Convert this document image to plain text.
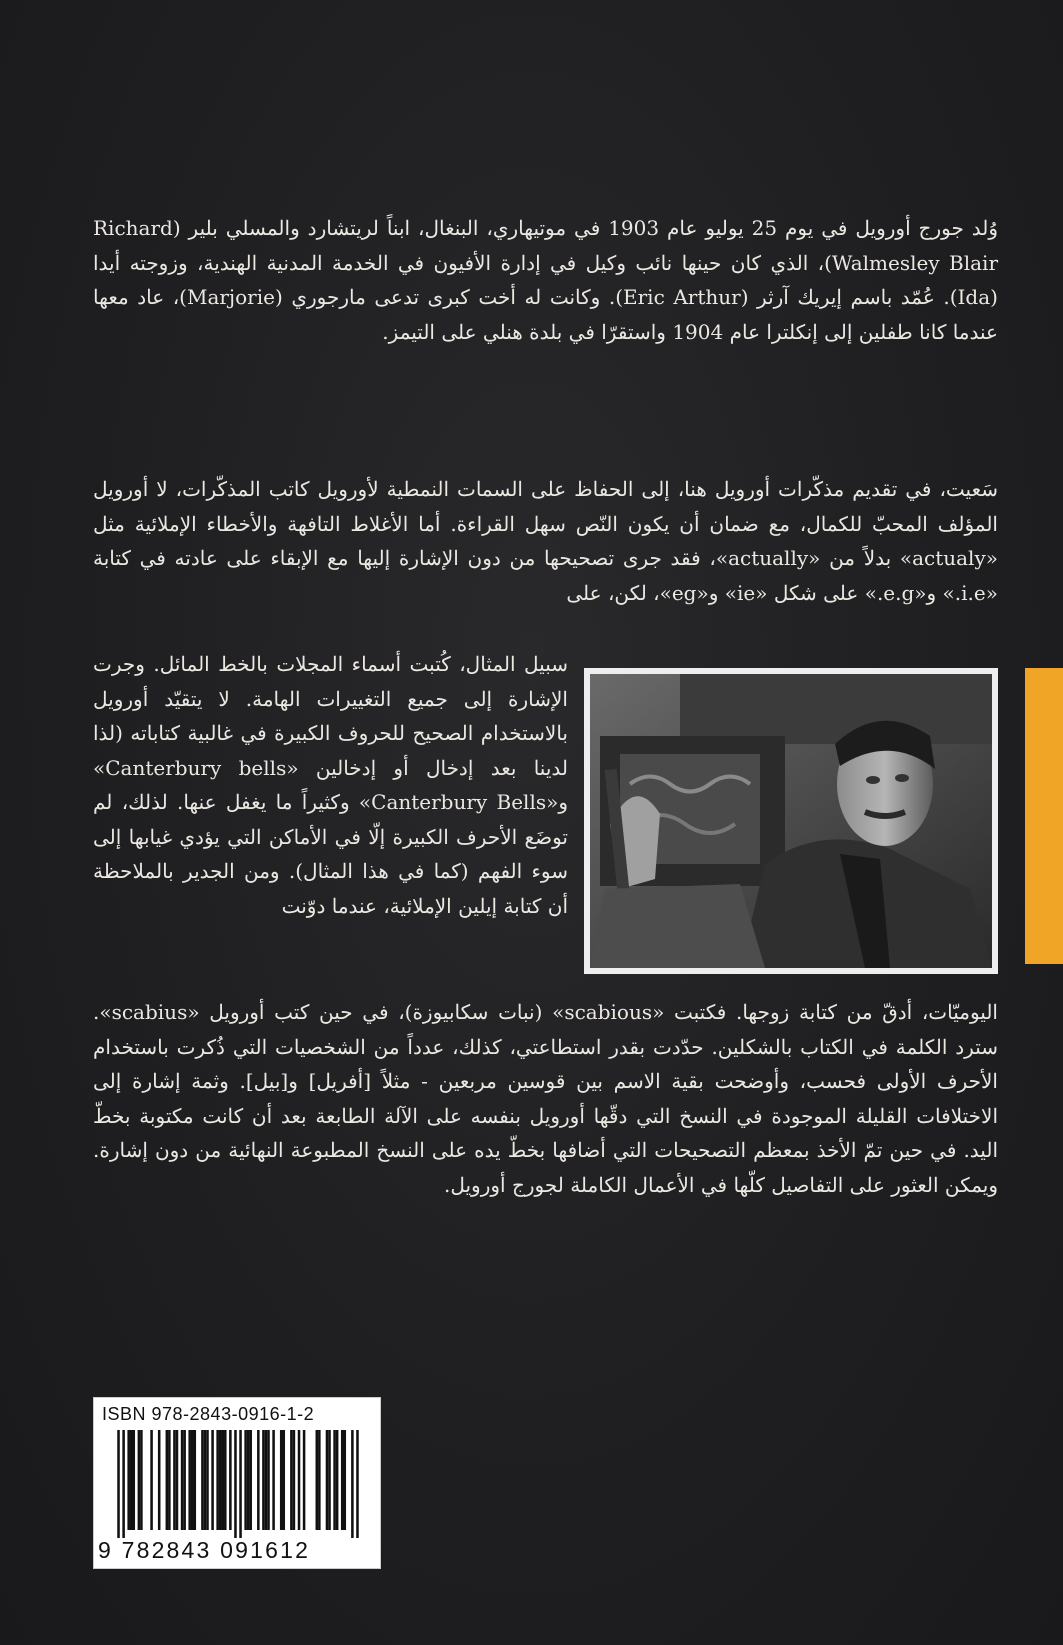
وُلد جورج أورويل في يوم 25 يوليو عام 1903 في موتيهاري، البنغال، ابناً لريتشارد والمسلي بلير (Richard Walmesley Blair)، الذي كان حينها نائب وكيل في إدارة الأفيون في الخدمة المدنية الهندية، وزوجته أيدا (Ida). عُمّد باسم إيريك آرثر (Eric Arthur). وكانت له أخت كبرى تدعى مارجوري (Marjorie)، عاد معها عندما كانا طفلين إلى إنكلترا عام 1904 واستقرّا في بلدة هنلي على التيمز.

سَعيت، في تقديم مذكّرات أورويل هنا، إلى الحفاظ على السمات النمطية لأورويل كاتب المذكّرات، لا أورويل المؤلف المحبّ للكمال، مع ضمان أن يكون النّص سهل القراءة. أما الأغلاط التافهة والأخطاء الإملائية مثل «actualy» بدلاً من «actually»، فقد جرى تصحيحها من دون الإشارة إليها مع الإبقاء على عادته في كتابة «i.e.» و«e.g.» على شكل «ie» و«eg»، لكن، على

سبيل المثال، كُتبت أسماء المجلات بالخط المائل. وجرت الإشارة إلى جميع التغييرات الهامة. لا يتقيّد أورويل بالاستخدام الصحيح للحروف الكبيرة في غالبية كتاباته (لذا لدينا بعد إدخال أو إدخالين «Canterbury bells» و«Canterbury Bells» وكثيراً ما يغفل عنها. لذلك، لم توضَع الأحرف الكبيرة إلّا في الأماكن التي يؤدي غيابها إلى سوء الفهم (كما في هذا المثال). ومن الجدير بالملاحظة أن كتابة إيلين الإملائية، عندما دوّنت

اليوميّات، أدقّ من كتابة زوجها. فكتبت «scabious» (نبات سكابيوزة)، في حين كتب أورويل «scabius». سترد الكلمة في الكتاب بالشكلين. حدّدت بقدر استطاعتي، كذلك، عدداً من الشخصيات التي ذُكرت باستخدام الأحرف الأولى فحسب، وأوضحت بقية الاسم بين قوسين مربعين - مثلاً [أفريل] و[بيل]. وثمة إشارة إلى الاختلافات القليلة الموجودة في النسخ التي دقّها أورويل بنفسه على الآلة الطابعة بعد أن كانت مكتوبة بخطّ اليد. في حين تمّ الأخذ بمعظم التصحيحات التي أضافها بخطّ يده على النسخ المطبوعة النهائية من دون إشارة. ويمكن العثور على التفاصيل كلّها في الأعمال الكاملة لجورج أورويل.

ISBN 978-2843-0916-1-2
9 782843 091612
